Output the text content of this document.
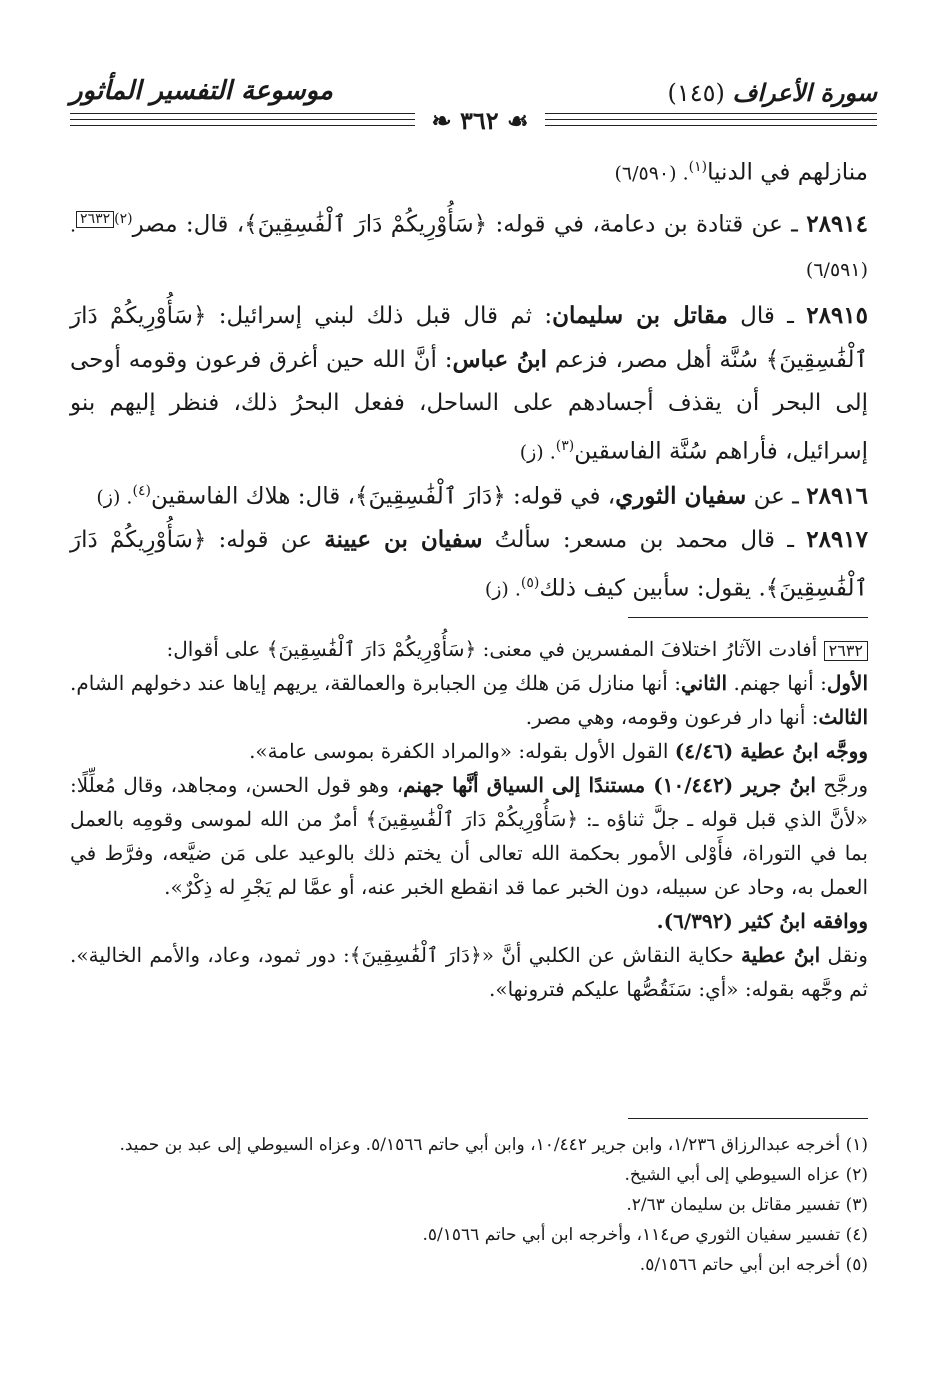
موسوعة التفسير المأثور	سورة الأعراف (١٤٥)
❧ ٣٦٢ ☙
منازلهم في الدنيا$^{(١)}$. (٦/٥٩٠)
٢٨٩١٤ ـ عن قتادة بن دعامة، في قوله: ﴿سَأُوْرِيكُمْ دَارَ ٱلْفَٰسِقِينَ﴾، قال: مصر$^{(٢)}$٢٦٣٢. (٦/٥٩١)
٢٨٩١٥ ـ قال مقاتل بن سليمان: ثم قال قبل ذلك لبني إسرائيل: ﴿سَأُوْرِيكُمْ دَارَ ٱلْفَٰسِقِينَ﴾ سُنَّة أهل مصر، فزعم ابنُ عباس: أنَّ الله حين أغرق فرعون وقومه أوحى إلى البحر أن يقذف أجسادهم على الساحل، ففعل البحرُ ذلك، فنظر إليهم بنو إسرائيل، فأراهم سُنَّة الفاسقين$^{(٣)}$. (ز)
٢٨٩١٦ ـ عن سفيان الثوري، في قوله: ﴿دَارَ ٱلْفَٰسِقِينَ﴾، قال: هلاك الفاسقين$^{(٤)}$. (ز)
٢٨٩١٧ ـ قال محمد بن مسعر: سألتُ سفيان بن عيينة عن قوله: ﴿سَأُوْرِيكُمْ دَارَ ٱلْفَٰسِقِينَ﴾. يقول: سأبين كيف ذلك$^{(٥)}$. (ز)
٢٦٣٢ أفادت الآثارُ اختلافَ المفسرين في معنى: ﴿سَأُوْرِيكُمْ دَارَ ٱلْفَٰسِقِينَ﴾ على أقوال:
الأول: أنها جهنم. الثاني: أنها منازل مَن هلك مِن الجبابرة والعمالقة، يريهم إياها عند دخولهم الشام. الثالث: أنها دار فرعون وقومه، وهي مصر.
ووجَّه ابنُ عطية (٤/٤٦) القول الأول بقوله: «والمراد الكفرة بموسى عامة».
ورجَّح ابنُ جرير (١٠/٤٤٢) مستندًا إلى السياق أنَّها جهنم، وهو قول الحسن، ومجاهد، وقال مُعلِّلًا: «لأنَّ الذي قبل قوله ـ جلَّ ثناؤه ـ: ﴿سَأُوْرِيكُمْ دَارَ ٱلْفَٰسِقِينَ﴾ أمرٌ من الله لموسى وقومِه بالعمل بما في التوراة، فأَوْلى الأمور بحكمة الله تعالى أن يختم ذلك بالوعيد على مَن ضيَّعه، وفرَّط في العمل به، وحاد عن سبيله، دون الخبر عما قد انقطع الخبر عنه، أو عمَّا لم يَجْرِ له ذِكْرٌ».
ووافقه ابنُ كثير (٦/٣٩٢).
ونقل ابنُ عطية حكاية النقاش عن الكلبي أنَّ «﴿دَارَ ٱلْفَٰسِقِينَ﴾: دور ثمود، وعاد، والأمم الخالية». ثم وجَّهه بقوله: «أي: سَنَقُصُّها عليكم فترونها».
(١) أخرجه عبدالرزاق ١/٢٣٦، وابن جرير ١٠/٤٤٢، وابن أبي حاتم ٥/١٥٦٦. وعزاه السيوطي إلى عبد بن حميد.
(٢) عزاه السيوطي إلى أبي الشيخ.
(٣) تفسير مقاتل بن سليمان ٢/٦٣.
(٤) تفسير سفيان الثوري ص١١٤، وأخرجه ابن أبي حاتم ٥/١٥٦٦.
(٥) أخرجه ابن أبي حاتم ٥/١٥٦٦.
